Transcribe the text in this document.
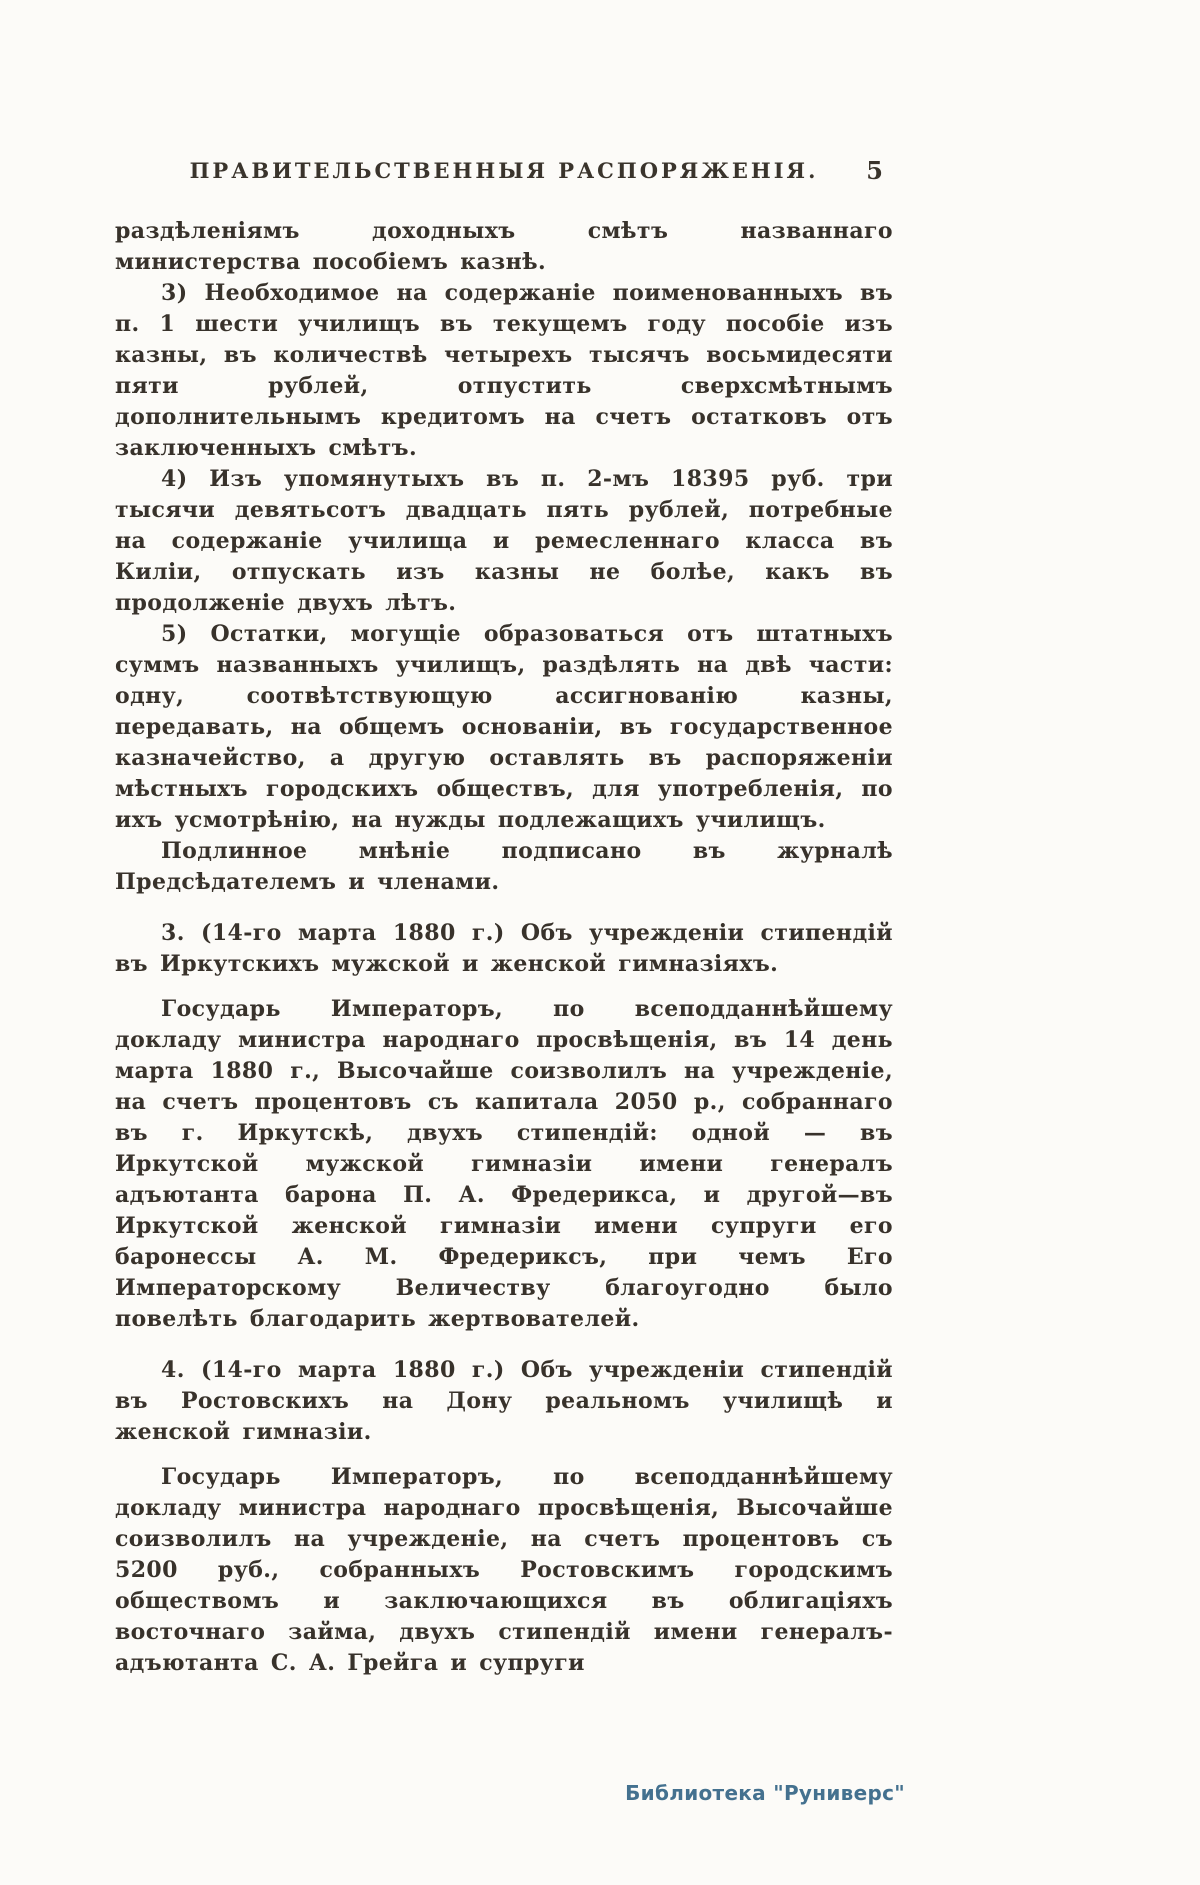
ПРАВИТЕЛЬСТВЕННЫЯ РАСПОРЯЖЕНІЯ. 5

раздѣленіямъ доходныхъ смѣтъ названнаго министерства пособіемъ казнѣ.

3) Необходимое на содержаніе поименованныхъ въ п. 1 шести училищъ въ текущемъ году пособіе изъ казны, въ количествѣ четырехъ тысячъ восьмидесяти пяти рублей, отпустить сверхсмѣтнымъ дополнительнымъ кредитомъ на счетъ остатковъ отъ заключенныхъ смѣтъ.

4) Изъ упомянутыхъ въ п. 2-мъ 18395 руб. три тысячи девятьсотъ двадцать пять рублей, потребные на содержаніе училища и ремесленнаго класса въ Киліи, отпускать изъ казны не болѣе, какъ въ продолженіе двухъ лѣтъ.

5) Остатки, могущіе образоваться отъ штатныхъ суммъ названныхъ училищъ, раздѣлять на двѣ части: одну, соотвѣтствующую ассигнованію казны, передавать, на общемъ основаніи, въ государственное казначейство, а другую оставлять въ распоряженіи мѣстныхъ городскихъ обществъ, для употребленія, по ихъ усмотрѣнію, на нужды подлежащихъ училищъ.

Подлинное мнѣніе подписано въ журналѣ Предсѣдателемъ и членами.

3. (14-го марта 1880 г.) Объ учрежденіи стипендій въ Иркутскихъ мужской и женской гимназіяхъ.

Государь Императоръ, по всеподданнѣйшему докладу министра народнаго просвѣщенія, въ 14 день марта 1880 г., Высочайше соизволилъ на учрежденіе, на счетъ процентовъ съ капитала 2050 р., собраннаго въ г. Иркутскѣ, двухъ стипендій: одной — въ Иркутской мужской гимназіи имени генералъ адъютанта барона П. А. Фредерикса, и другой—въ Иркутской женской гимназіи имени супруги его баронессы А. М. Фредериксъ, при чемъ Его Императорскому Величеству благоугодно было повелѣть благодарить жертвователей.

4. (14-го марта 1880 г.) Объ учрежденіи стипендій въ Ростовскихъ на Дону реальномъ училищѣ и женской гимназіи.

Государь Императоръ, по всеподданнѣйшему докладу министра народнаго просвѣщенія, Высочайше соизволилъ на учрежденіе, на счетъ процентовъ съ 5200 руб., собранныхъ Ростовскимъ городскимъ обществомъ и заключающихся въ облигаціяхъ восточнаго займа, двухъ стипендій имени генералъ-адъютанта С. А. Грейга и супруги

Библиотека "Руниверс"
